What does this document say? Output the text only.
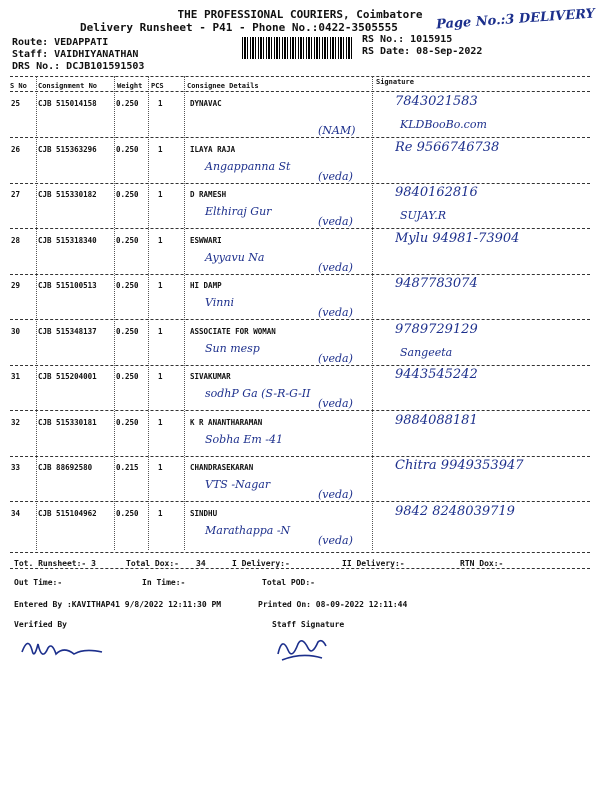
THE PROFESSIONAL COURIERS, Coimbatore
Delivery Runsheet - P41 - Phone No.:0422-3505555	Page No.:3 DELIVERY
Route: VEDAPPATI
Staff: VAIDHIYANATHAN
DRS No.: DCJB101591503
RS No.: 1015915
RS Date: 08-Sep-2022
S No Consignment No	Weight PCS	Consignee Details	Signature
25 CJB 515014158	0.250	1	DYNAVAC
(NAM)
7843021583
KLDBooBo.com
26 CJB 515363296	0.250	1	ILAYA RAJA
Angappanna St
(veda)
Re 9566746738
27 CJB 515330182	0.250	1	D RAMESH
Elthiraj Gur
(veda)
9840162816
SUJAY.R
28 CJB 515318340	0.250	1	ESWWARI
Ayyavu Na
(veda)
Mylu 94981-73904
29 CJB 515100513	0.250	1	HI DAMP
Vinni
(veda)
9487783074
30 CJB 515348137	0.250	1	ASSOCIATE FOR WOMAN
Sun mesp
(veda)
9789729129
Sangeeta
31 CJB 515204001	0.250	1	SIVAKUMAR
sodhP Ga (S-R-G-II
(veda)
9443545242
32 CJB 515330181	0.250	1	K R ANANTHARAMAN
Sobha Em -41
9884088181
33 CJB 88692580	0.215	1	CHANDRASEKARAN
VTS -Nagar
(veda)
Chitra 9949353947
34 CJB 515104962	0.250	1	SINDHU
Marathappa -N
(veda)
9842 8248039719
Tot. Runsheet:- 3	Total Dox:- 34	I Delivery:-	II Delivery:-	RTN Dox:-
Out Time:-	In Time:-	Total POD:-
Entered By :KAVITHAP41 9/8/2022 12:11:30 PM	Printed On: 08-09-2022 12:11:44
Verified By	Staff Signature
